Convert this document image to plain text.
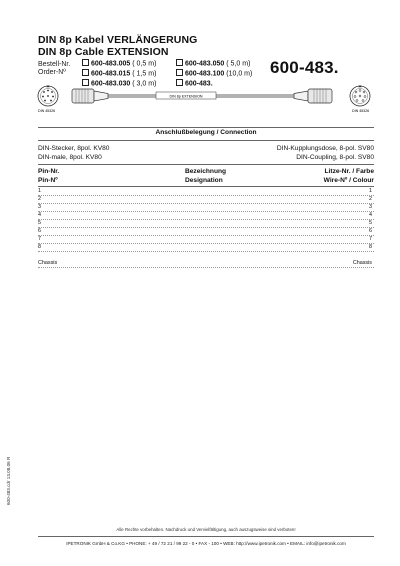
DIN 8p Kabel VERLÄNGERUNG
DIN 8p Cable EXTENSION
Bestell-Nr.
Order-Nº
600-483.005 ( 0,5 m)
600-483.015 ( 1,5 m)
600-483.030 ( 3,0 m)
600-483.050 ( 5,0 m)
600-483.100 (10,0 m)
600-483.
600-483.
DIN 45326	DIN 45326
DIN 8p EXTENSION
Anschlußbelegung / Connection
DIN-Stecker, 8pol. KV80
DIN-male, 8pol. KV80
DIN-Kupplungsdose, 8-pol. SV80
DIN-Coupling, 8-pol. SV80
Pin-Nr.
Pin-Nº
Bezeichnung
Designation
Litze-Nr. / Farbe
Wire-Nº / Colour
1	1
2	2
3	3
4	4
5	5
6	6
7	7
8	8
Chassis	Chassis
600-483.cdr 13.08.06 R
Alle Rechte vorbehalten. Nachdruck und Vervielfältigung, auch auszugsweise sind verboten!
IPETRONIK GmbH & Co.KG • PHONE: + 49 / 72 21 / 99 22 - 0 • FAX - 100 • WEB: http://www.ipetronik.com • EMAIL: info@ipetronik.com
